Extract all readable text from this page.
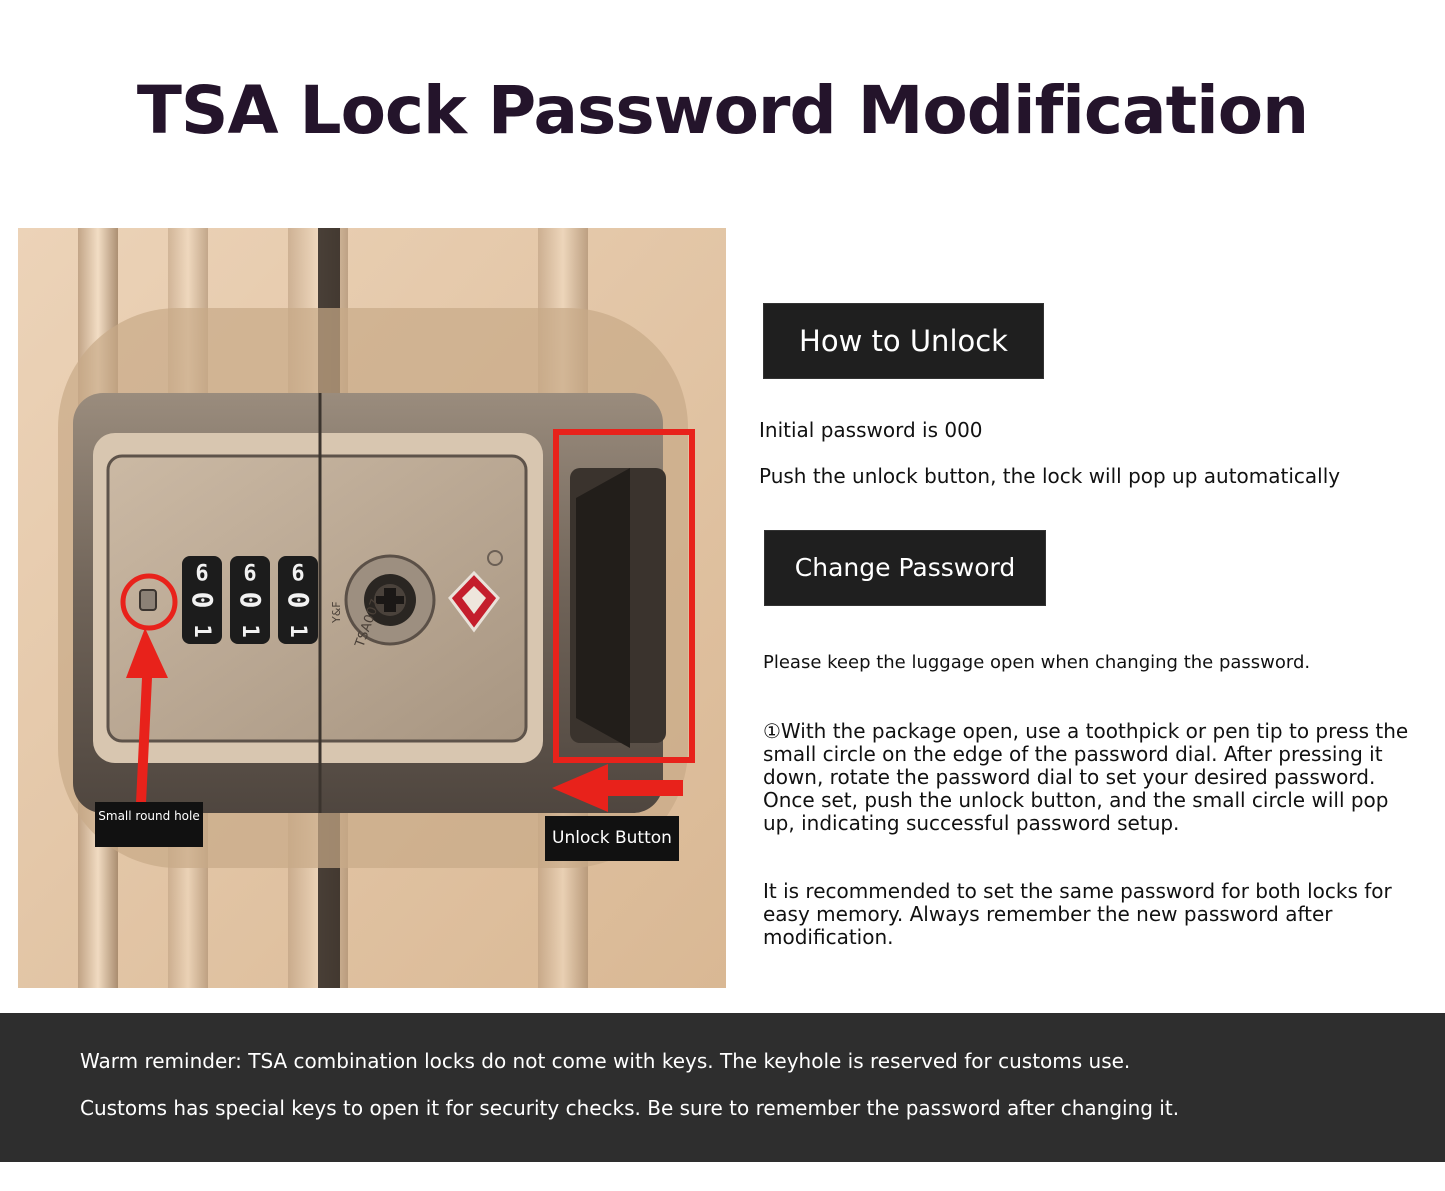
TSA Lock Password Modification
9
0
1
9
0
1
9
0
1	TSA007
Y&F
Small round hole
Unlock Button
How to Unlock
Initial password is 000
Push the unlock button, the lock will pop up automatically
Change Password
Please keep the luggage open when changing the password.
①With the package open, use a toothpick or pen tip to press the small circle on the edge of the password dial. After pressing it down, rotate the password dial to set your desired password. Once set, push the unlock button, and the small circle will pop up, indicating successful password setup.
It is recommended to set the same password for both locks for easy memory. Always remember the new password after modification.
Warm reminder: TSA combination locks do not come with keys. The keyhole is reserved for customs use.
Customs has special keys to open it for security checks. Be sure to remember the password after changing it.
